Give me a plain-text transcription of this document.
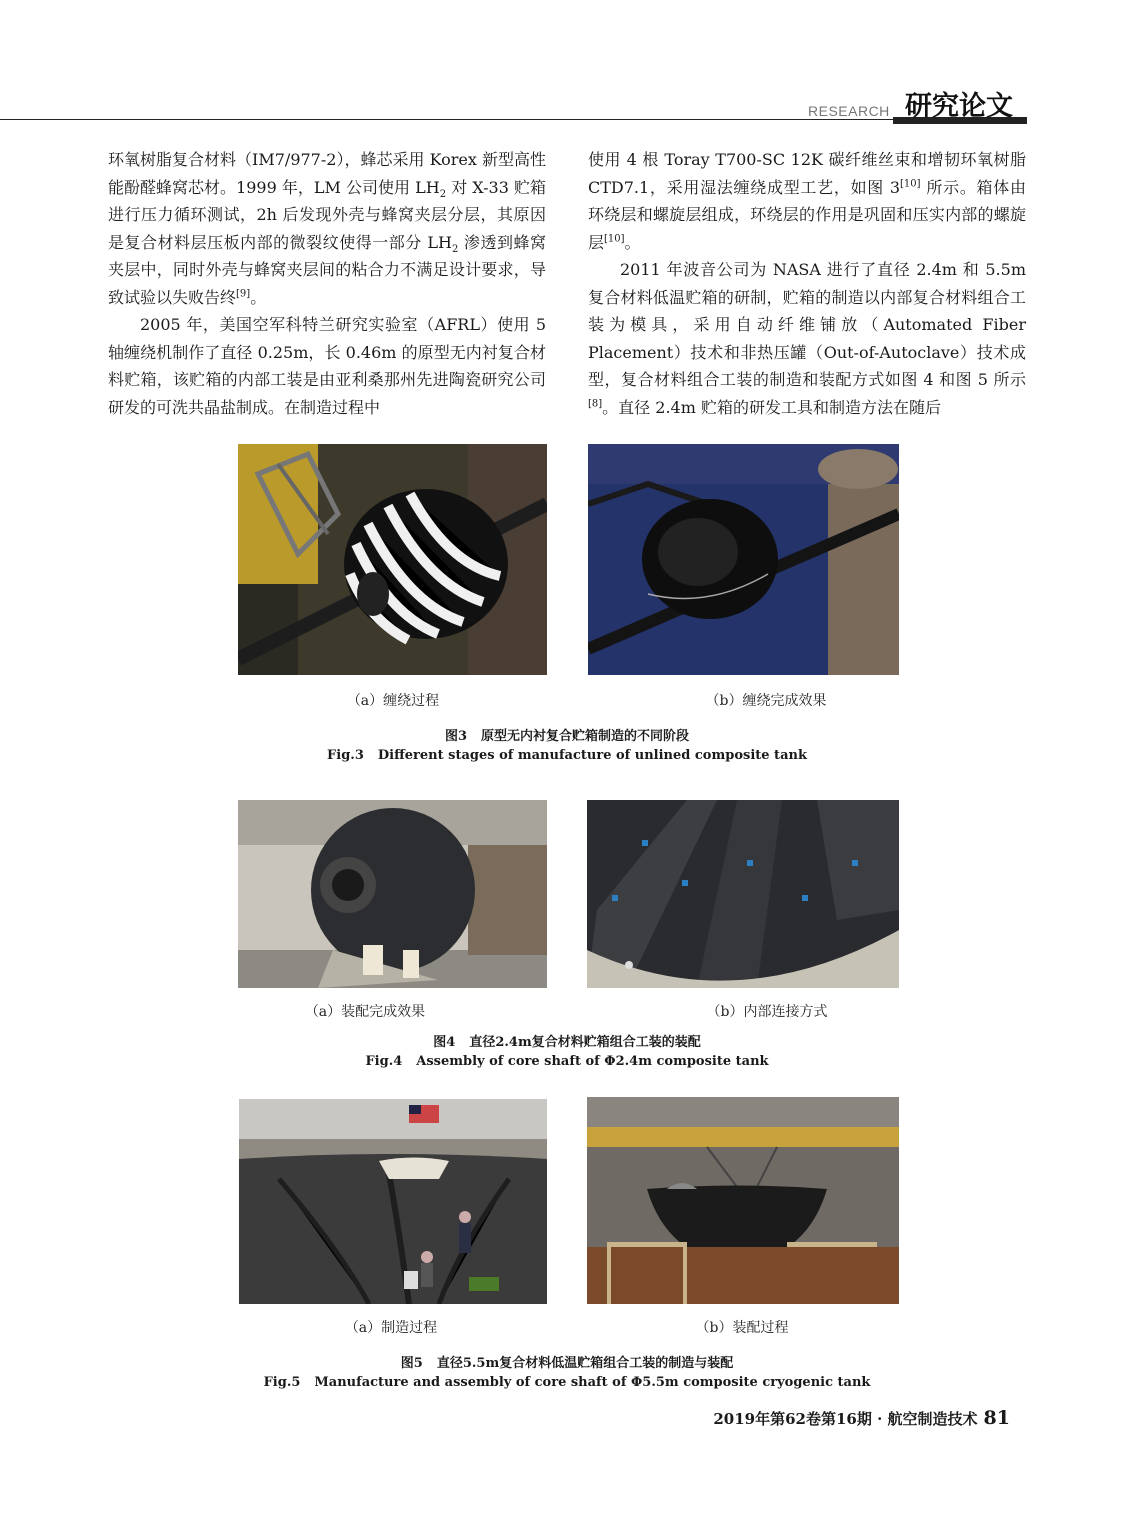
RESEARCH 研究论文

环氧树脂复合材料（IM7/977-2），蜂芯采用 Korex 新型高性能酚醛蜂窝芯材。1999 年，LM 公司使用 $LH_2$ 对 X-33 贮箱进行压力循环测试，2h 后发现外壳与蜂窝夹层分层，其原因是复合材料层压板内部的微裂纹使得一部分 $LH_2$ 渗透到蜂窝夹层中，同时外壳与蜂窝夹层间的粘合力不满足设计要求，导致试验以失败告终[9]。

2005 年，美国空军科特兰研究实验室（AFRL）使用 5 轴缠绕机制作了直径 0.25m，长 0.46m 的原型无内衬复合材料贮箱，该贮箱的内部工装是由亚利桑那州先进陶瓷研究公司研发的可洗共晶盐制成。在制造过程中

使用 4 根 Toray T700-SC 12K 碳纤维丝束和增韧环氧树脂 CTD7.1，采用湿法缠绕成型工艺，如图 3[10] 所示。箱体由环绕层和螺旋层组成，环绕层的作用是巩固和压实内部的螺旋层[10]。

2011 年波音公司为 NASA 进行了直径 2.4m 和 5.5m 复合材料低温贮箱的研制，贮箱的制造以内部复合材料组合工装为模具，采用自动纤维铺放（Automated Fiber Placement）技术和非热压罐（Out-of-Autoclave）技术成型，复合材料组合工装的制造和装配方式如图 4 和图 5 所示[8]。直径 2.4m 贮箱的研发工具和制造方法在随后

（a）缠绕过程	（b）缠绕完成效果
图3 原型无内衬复合贮箱制造的不同阶段
Fig.3 Different stages of manufacture of unlined composite tank
（a）装配完成效果	（b）内部连接方式
图4 直径2.4m复合材料贮箱组合工装的装配
Fig.4 Assembly of core shaft of Φ2.4m composite tank
（a）制造过程	（b）装配过程
图5 直径5.5m复合材料低温贮箱组合工装的制造与装配
Fig.5 Manufacture and assembly of core shaft of Φ5.5m composite cryogenic tank
2019年第62卷第16期 · 航空制造技术 81
